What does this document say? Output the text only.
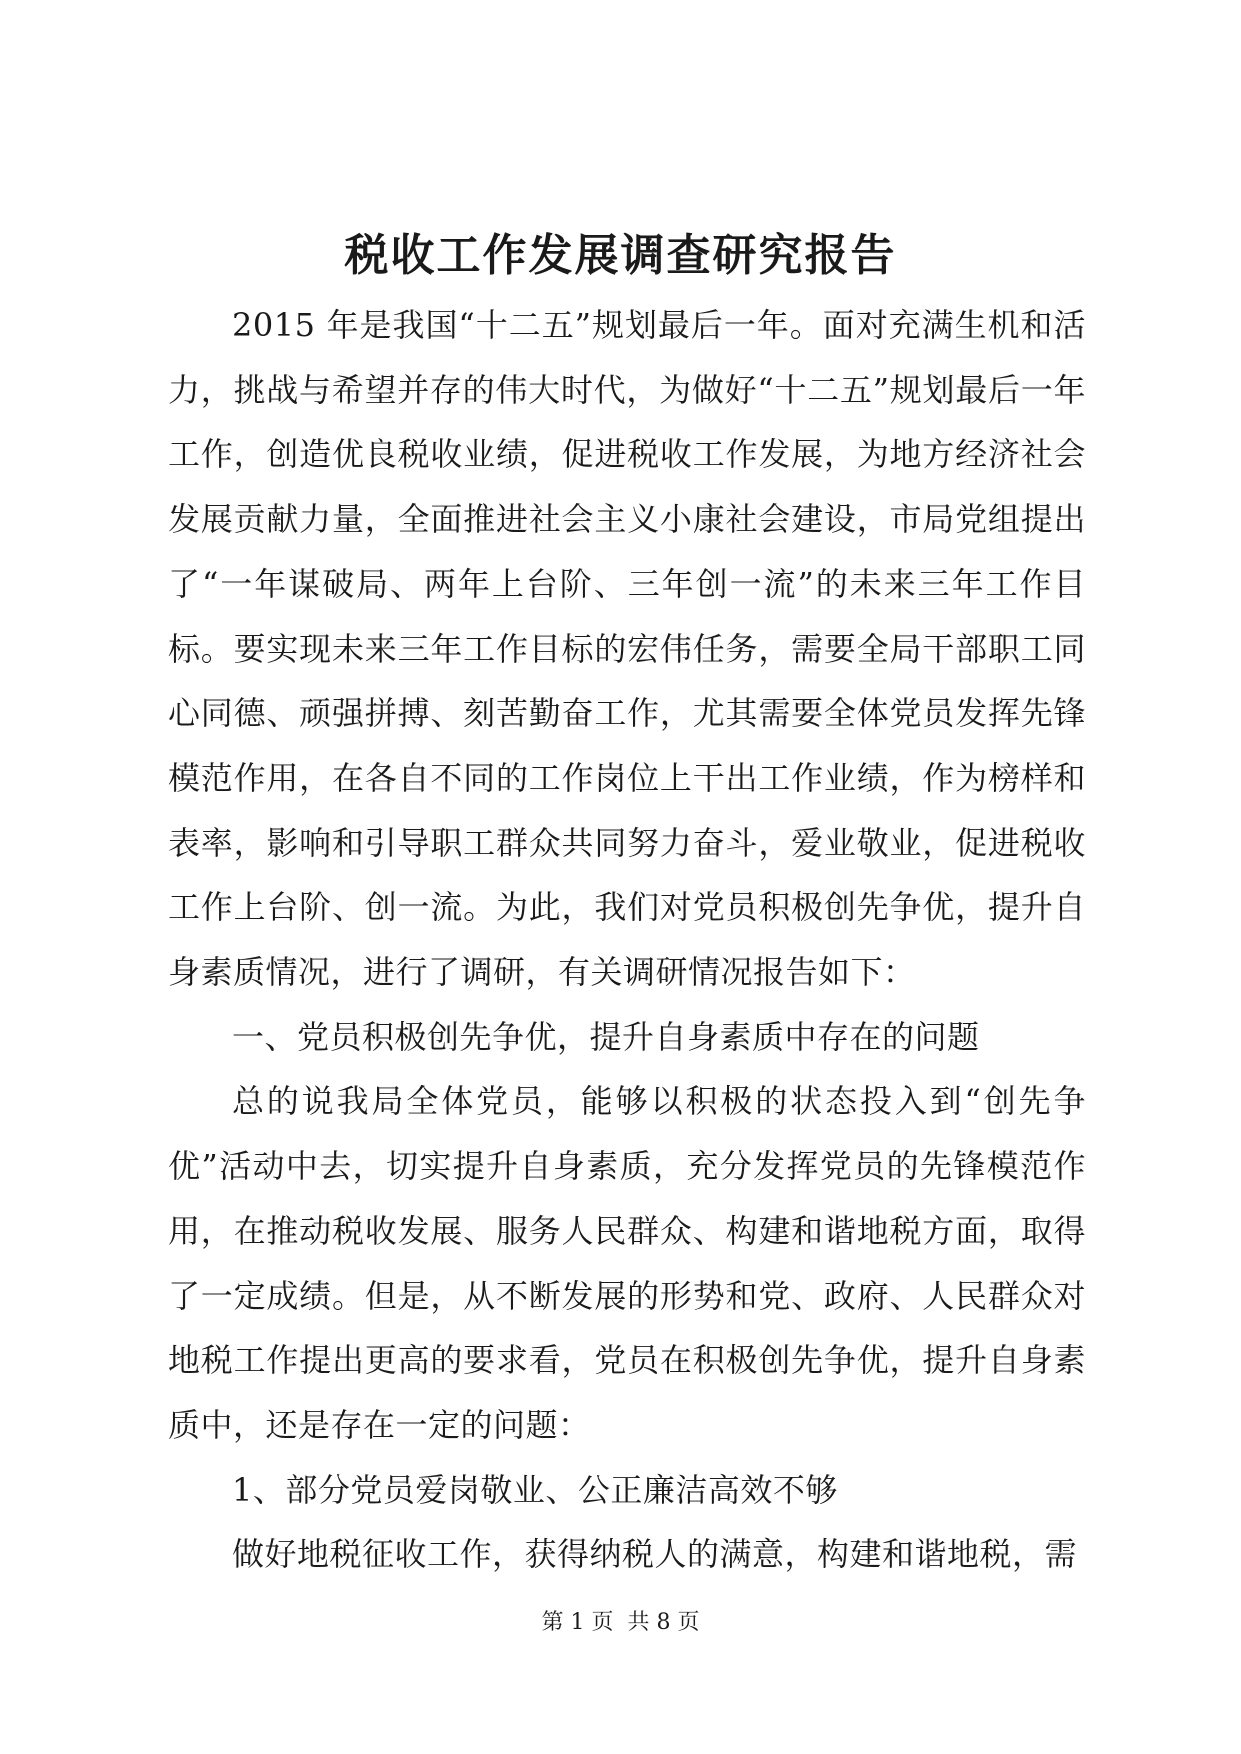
税收工作发展调查研究报告

2015 年是我国“十二五”规划最后一年。面对充满生机和活力，挑战与希望并存的伟大时代，为做好“十二五”规划最后一年工作，创造优良税收业绩，促进税收工作发展，为地方经济社会发展贡献力量，全面推进社会主义小康社会建设，市局党组提出了“一年谋破局、两年上台阶、三年创一流”的未来三年工作目标。要实现未来三年工作目标的宏伟任务，需要全局干部职工同心同德、顽强拼搏、刻苦勤奋工作，尤其需要全体党员发挥先锋模范作用，在各自不同的工作岗位上干出工作业绩，作为榜样和表率，影响和引导职工群众共同努力奋斗，爱业敬业，促进税收工作上台阶、创一流。为此，我们对党员积极创先争优，提升自身素质情况，进行了调研，有关调研情况报告如下：

一、党员积极创先争优，提升自身素质中存在的问题

总的说我局全体党员，能够以积极的状态投入到“创先争优”活动中去，切实提升自身素质，充分发挥党员的先锋模范作用，在推动税收发展、服务人民群众、构建和谐地税方面，取得了一定成绩。但是，从不断发展的形势和党、政府、人民群众对地税工作提出更高的要求看，党员在积极创先争优，提升自身素质中，还是存在一定的问题：

1、部分党员爱岗敬业、公正廉洁高效不够

做好地税征收工作，获得纳税人的满意，构建和谐地税，需

第 1 页  共 8 页
